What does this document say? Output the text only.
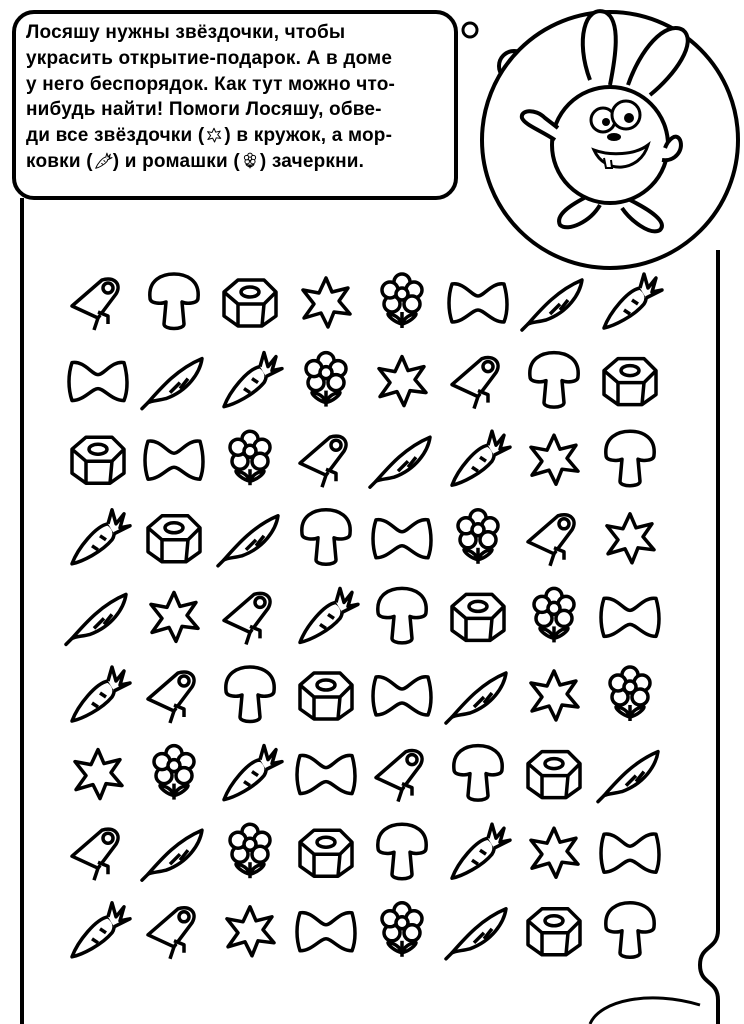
Лосяшу нужны звёздочки, чтобы
украсить открытие-подарок. А в доме
у него беспорядок. Как тут можно что-
нибудь найти! Помоги Лосяшу, обве-
ди все звёздочки ( ) в кружок, а мор-
ковки ( ) и ромашки ( ) зачеркни.
